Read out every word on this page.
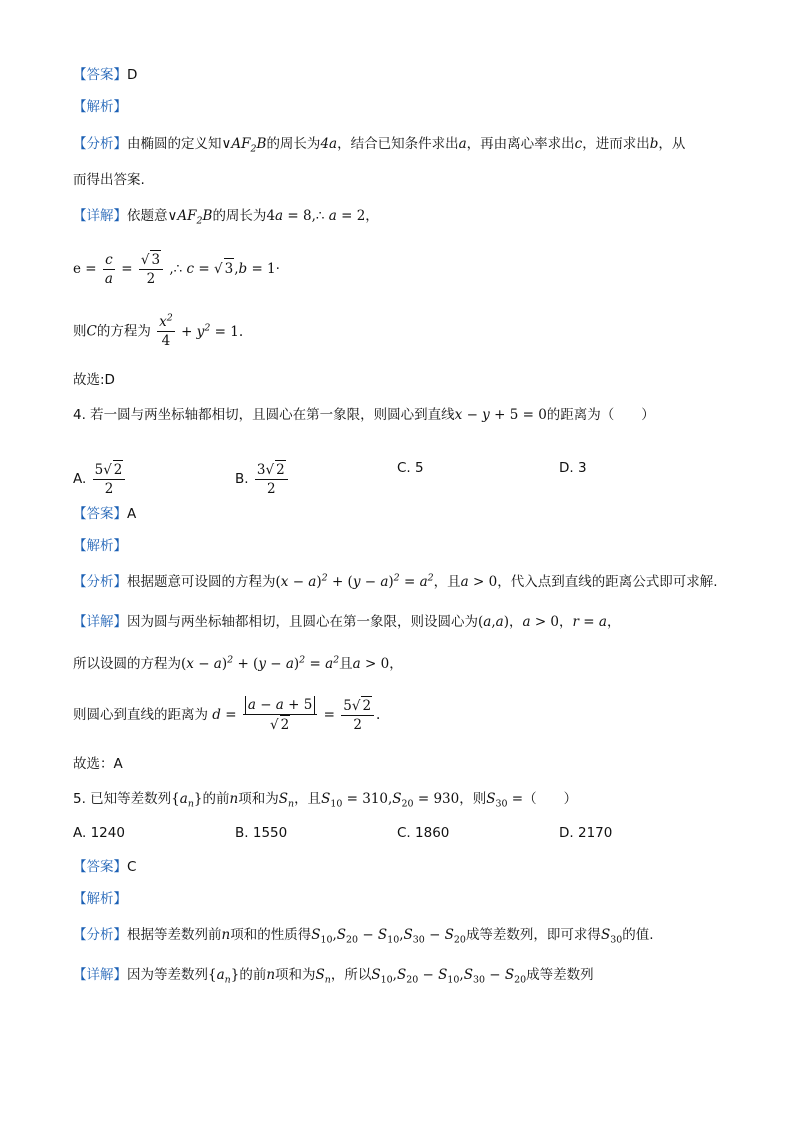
【答案】D
【解析】
【分析】由椭圆的定义知$\vee AF_2B$的周长为4a，结合已知条件求出a，再由离心率求出c，进而求出b，从
而得出答案.
【详解】依题意$\vee AF_2B$的周长为4a = 8,∴ a = 2，
$e = \frac{c}{a} = \frac{√ 3}{2}$ ,∴ c = √ 3,b = 1·
则C的方程为 $\frac{x^2}{4} + y^2 = 1$.
故选:D
4. 若一圆与两坐标轴都相切，且圆心在第一象限，则圆心到直线x − y + 5 = 0的距离为（　　）
A. $\frac{5√ 2}{2}$	B. $\frac{3√ 2}{2}$	C. 5	D. 3
【答案】A
【解析】
【分析】根据题意可设圆的方程为$(x - a)^2 + (y - a)^2 = a^2$，且a > 0，代入点到直线的距离公式即可求解.
【详解】因为圆与两坐标轴都相切，且圆心在第一象限，则设圆心为(a,a)，a > 0，r = a，
所以设圆的方程为$(x - a)^2 + (y - a)^2 = a^2$且a > 0，
则圆心到直线的距离为 $d = \frac{a - a + 5}{√ 2} = \frac{5√ 2}{2}$ .
故选：A
5. 已知等差数列$\{a_n\}$的前n项和为$S_n$，且$S_{10} = 310,S_{20} = 930$，则$S_{30}$ =（　　）
A. 1240	B. 1550	C. 1860	D. 2170
【答案】C
【解析】
【分析】根据等差数列前n项和的性质得$S_{10},S_{20} - S_{10},S_{30} - S_{20}$成等差数列，即可求得$S_{30}$的值.
【详解】因为等差数列$\{a_n\}$的前n项和为$S_n$，所以$S_{10},S_{20} - S_{10},S_{30} - S_{20}$成等差数列
